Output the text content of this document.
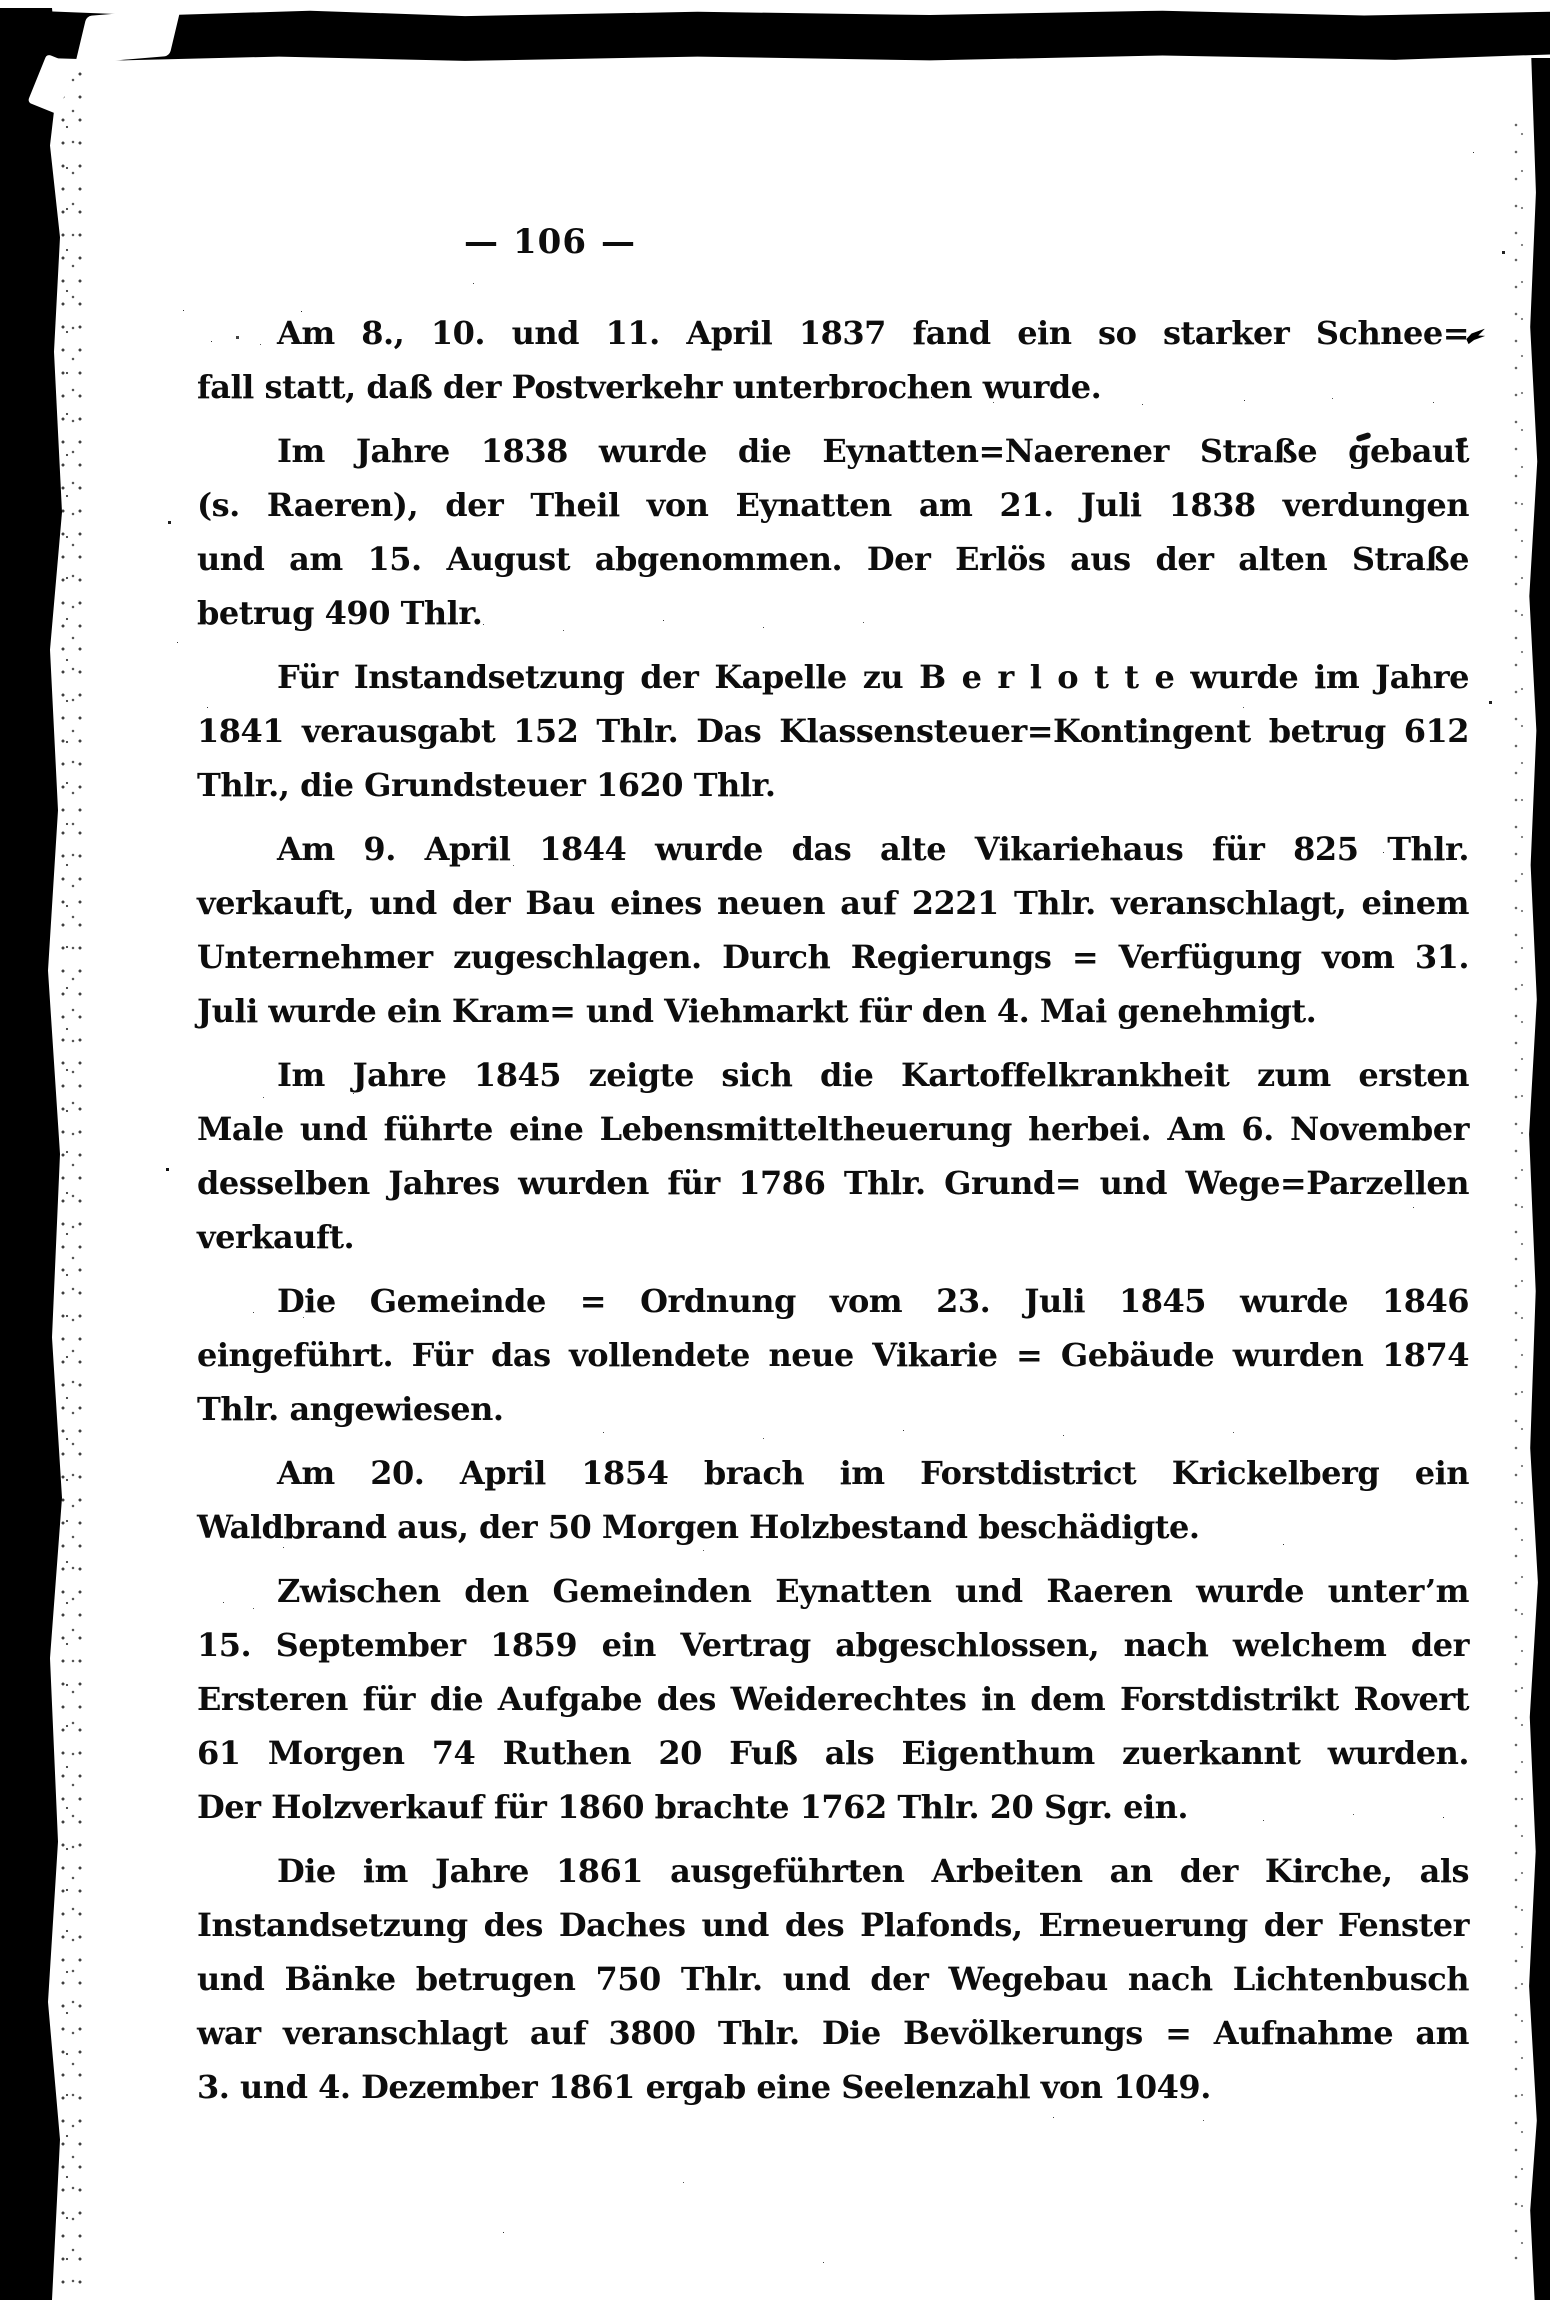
— 106 —
Am 8., 10. und 11. April 1837 fand ein so starker Schnee=
fall statt, daß der Postverkehr unterbrochen wurde.
Im Jahre 1838 wurde die Eynatten=Naerener Straße gebaut
(s. Raeren), der Theil von Eynatten am 21. Juli 1838 verdungen
und am 15. August abgenommen. Der Erlös aus der alten Straße
betrug 490 Thlr.
Für Instandsetzung der Kapelle zu B e r l o t t e wurde im Jahre
1841 verausgabt 152 Thlr. Das Klassensteuer=Kontingent betrug 612
Thlr., die Grundsteuer 1620 Thlr.
Am 9. April 1844 wurde das alte Vikariehaus für 825 Thlr.
verkauft, und der Bau eines neuen auf 2221 Thlr. veranschlagt, einem
Unternehmer zugeschlagen. Durch Regierungs = Verfügung vom 31.
Juli wurde ein Kram= und Viehmarkt für den 4. Mai genehmigt.
Im Jahre 1845 zeigte sich die Kartoffelkrankheit zum ersten
Male und führte eine Lebensmitteltheuerung herbei. Am 6. November
desselben Jahres wurden für 1786 Thlr. Grund= und Wege=Parzellen
verkauft.
Die Gemeinde = Ordnung vom 23. Juli 1845 wurde 1846
eingeführt. Für das vollendete neue Vikarie = Gebäude wurden 1874
Thlr. angewiesen.
Am 20. April 1854 brach im Forstdistrict Krickelberg ein
Waldbrand aus, der 50 Morgen Holzbestand beschädigte.
Zwischen den Gemeinden Eynatten und Raeren wurde unter’m
15. September 1859 ein Vertrag abgeschlossen, nach welchem der
Ersteren für die Aufgabe des Weiderechtes in dem Forstdistrikt Rovert
61 Morgen 74 Ruthen 20 Fuß als Eigenthum zuerkannt wurden.
Der Holzverkauf für 1860 brachte 1762 Thlr. 20 Sgr. ein.
Die im Jahre 1861 ausgeführten Arbeiten an der Kirche, als
Instandsetzung des Daches und des Plafonds, Erneuerung der Fenster
und Bänke betrugen 750 Thlr. und der Wegebau nach Lichtenbusch
war veranschlagt auf 3800 Thlr. Die Bevölkerungs = Aufnahme am
3. und 4. Dezember 1861 ergab eine Seelenzahl von 1049.
